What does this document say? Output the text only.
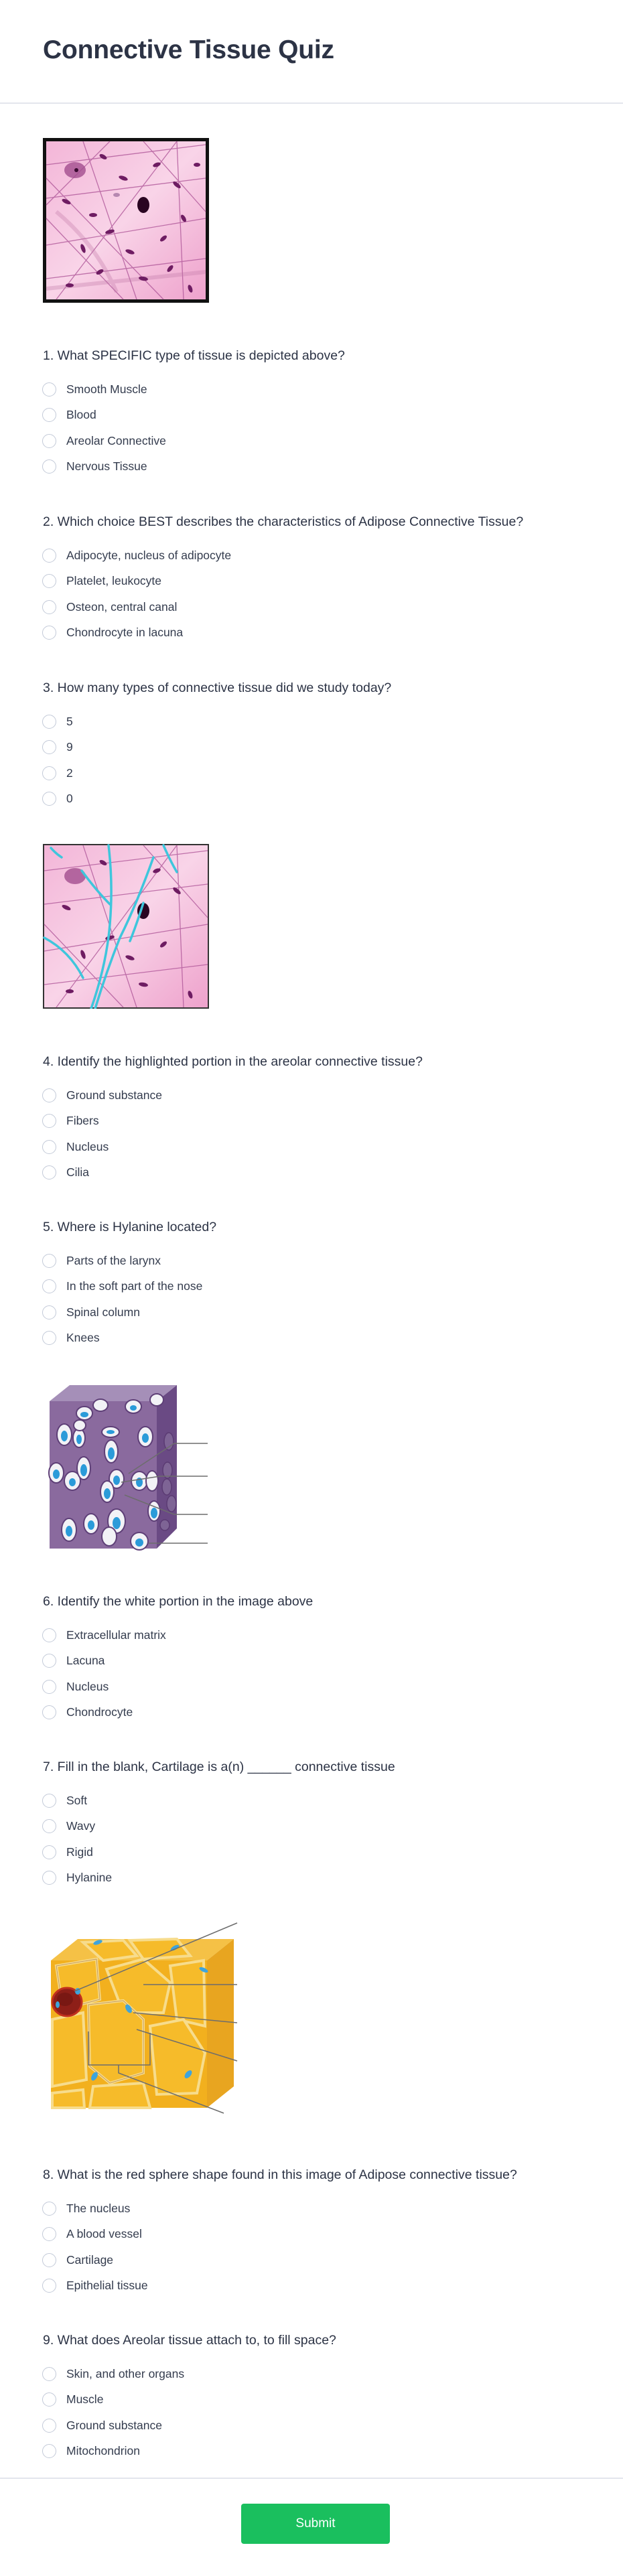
Connective Tissue Quiz
1. What SPECIFIC type of tissue is depicted above?
Smooth Muscle
Blood
Areolar Connective
Nervous Tissue
2. Which choice BEST describes the characteristics of Adipose Connective Tissue?
Adipocyte, nucleus of adipocyte
Platelet, leukocyte
Osteon, central canal
Chondrocyte in lacuna
3. How many types of connective tissue did we study today?
5
9
2
0
4. Identify the highlighted portion in the areolar connective tissue?
Ground substance
Fibers
Nucleus
Cilia
5. Where is Hylanine located?
Parts of the larynx
In the soft part of the nose
Spinal column
Knees
6. Identify the white portion in the image above
Extracellular matrix
Lacuna
Nucleus
Chondrocyte
7. Fill in the blank, Cartilage is a(n) ______ connective tissue
Soft
Wavy
Rigid
Hylanine
8. What is the red sphere shape found in this image of Adipose connective tissue?
The nucleus
A blood vessel
Cartilage
Epithelial tissue
9. What does Areolar tissue attach to, to fill space?
Skin, and other organs
Muscle
Ground substance
Mitochondrion
Submit
